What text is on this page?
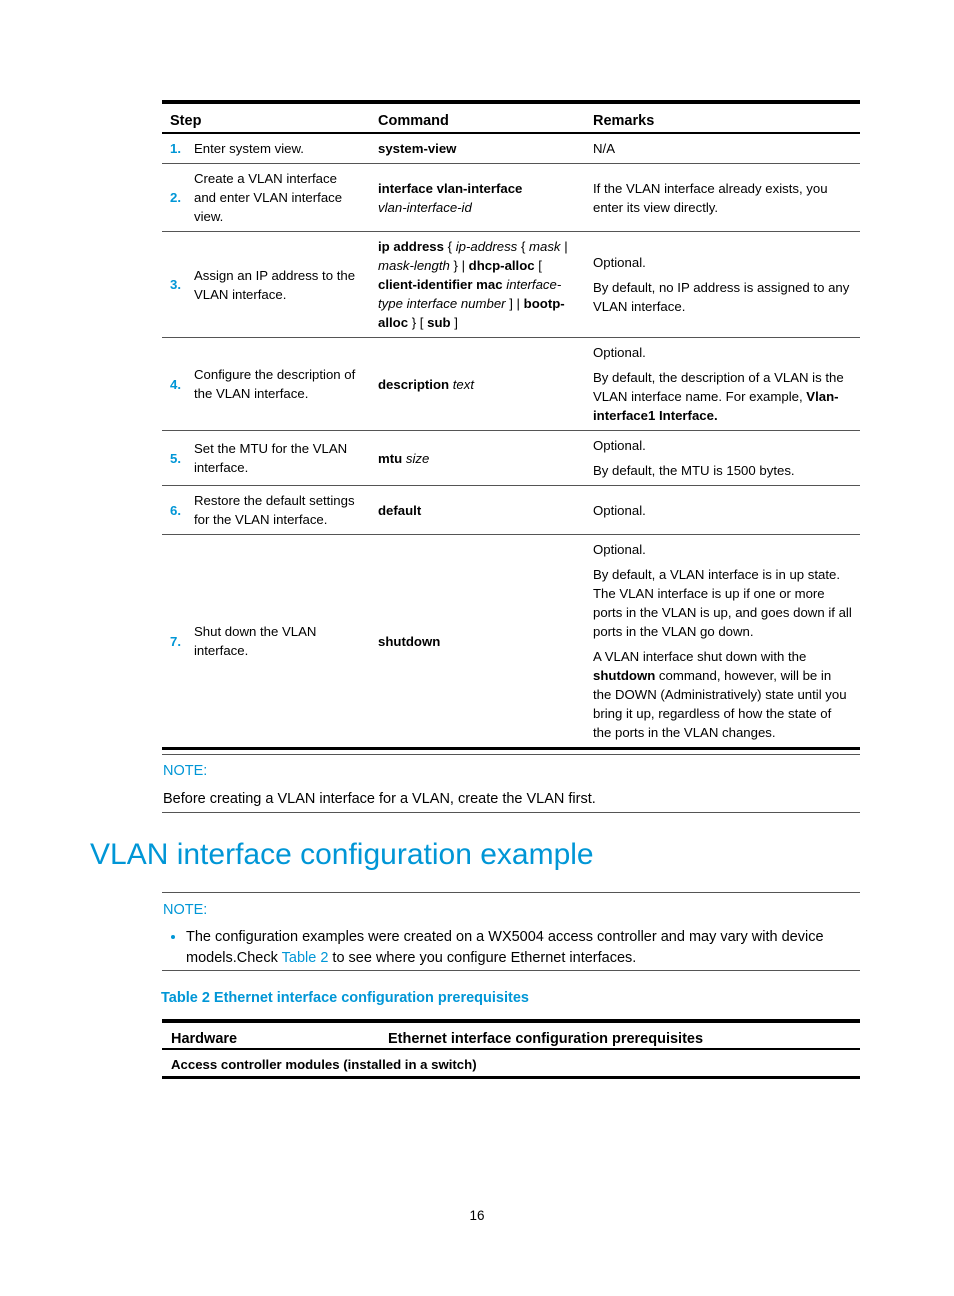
Step		Command	Remarks
1.	Enter system view.	system-view	N/A

2.	Create a VLAN interface and enter VLAN interface view.	interface vlan-interface
vlan-interface-id	If the VLAN interface already exists, you enter its view directly.

3.	Assign an IP address to the VLAN interface.	ip address { ip-address { mask | mask-length } | dhcp-alloc [ client-identifier mac interface-type interface number ] | bootp-alloc } [ sub ]	Optional.

By default, no IP address is assigned to any VLAN interface.

4.	Configure the description of the VLAN interface.	description text	Optional.

By default, the description of a VLAN is the VLAN interface name. For example, Vlan-interface1 Interface.

5.	Set the MTU for the VLAN interface.	mtu size	Optional.

By default, the MTU is 1500 bytes.

6.	Restore the default settings for the VLAN interface.	default	Optional.

7.	Shut down the VLAN interface.	shutdown	Optional.

By default, a VLAN interface is in up state. The VLAN interface is up if one or more ports in the VLAN is up, and goes down if all ports in the VLAN go down.

A VLAN interface shut down with the shutdown command, however, will be in the DOWN (Administratively) state until you bring it up, regardless of how the state of the ports in the VLAN changes.

NOTE:
Before creating a VLAN interface for a VLAN, create the VLAN first.
VLAN interface configuration example
NOTE:
• The configuration examples were created on a WX5004 access controller and may vary with device models.Check Table 2 to see where you configure Ethernet interfaces.
Table 2 Ethernet interface configuration prerequisites
Hardware	Ethernet interface configuration prerequisites
Access controller modules (installed in a switch)
16
